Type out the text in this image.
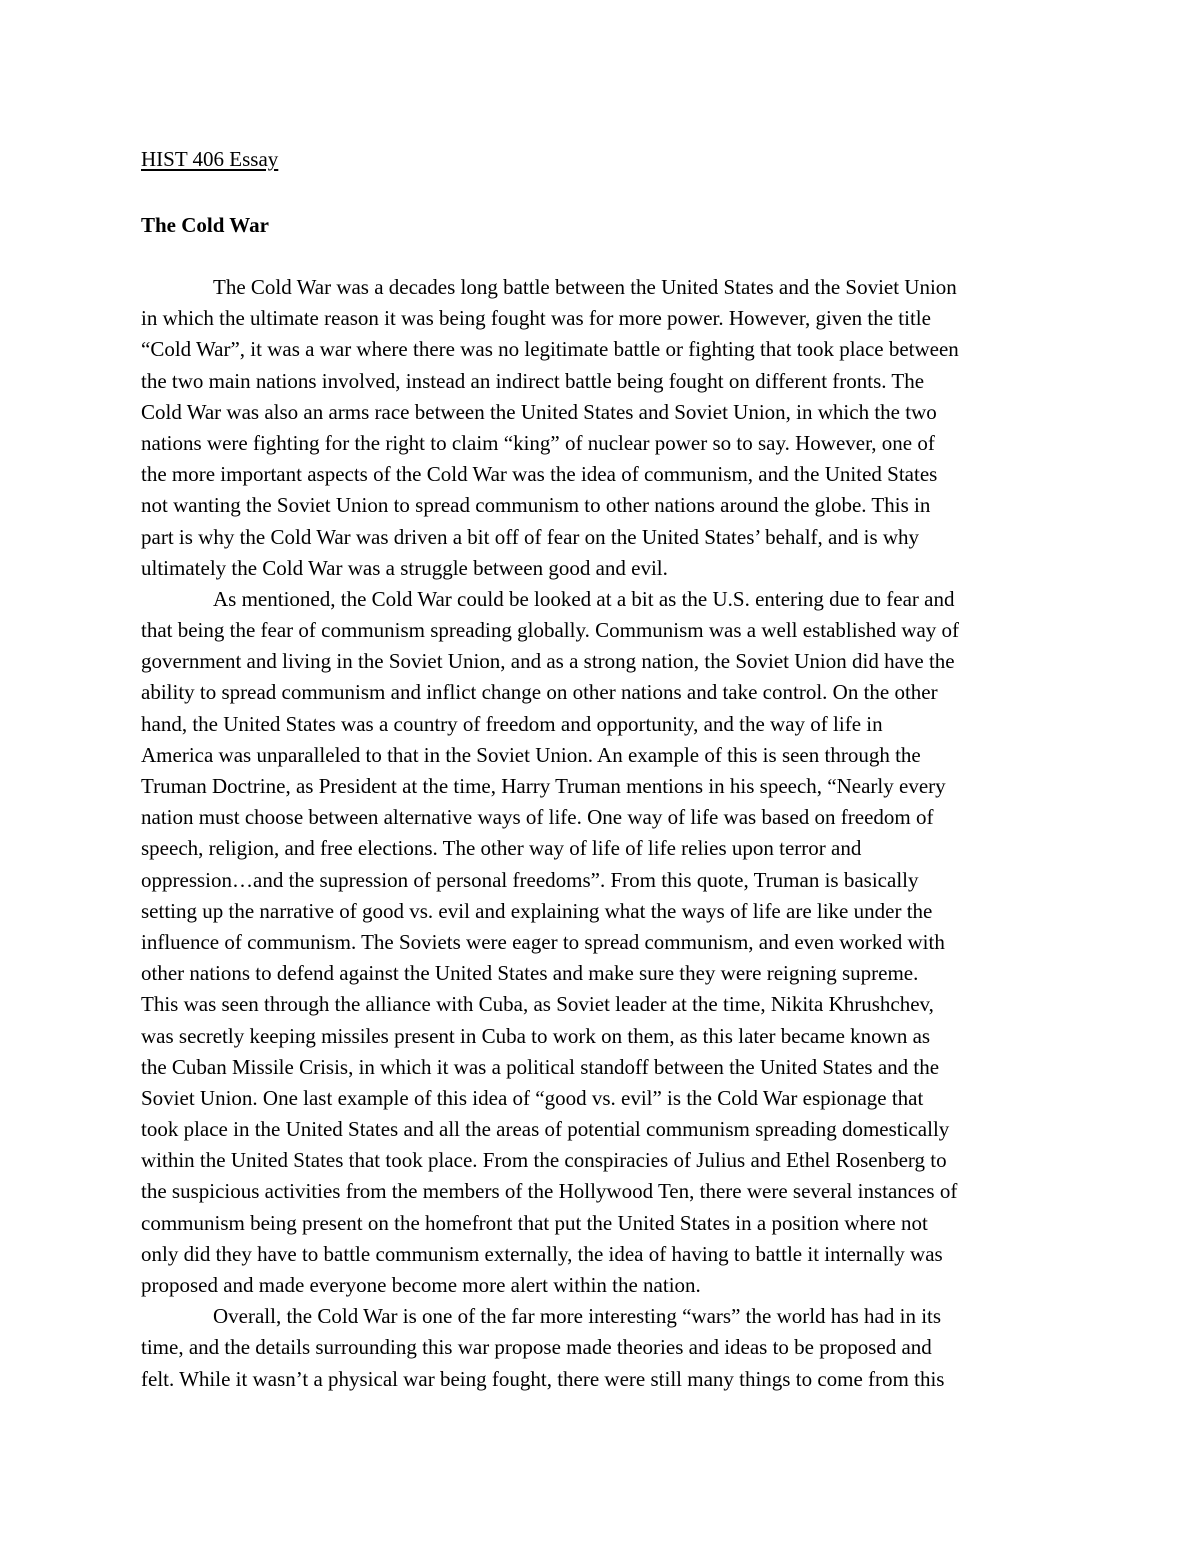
HIST 406 Essay
The Cold War
The Cold War was a decades long battle between the United States and the Soviet Union
in which the ultimate reason it was being fought was for more power. However, given the title
“Cold War”, it was a war where there was no legitimate battle or fighting that took place between
the two main nations involved, instead an indirect battle being fought on different fronts. The
Cold War was also an arms race between the United States and Soviet Union, in which the two
nations were fighting for the right to claim “king” of nuclear power so to say. However, one of
the more important aspects of the Cold War was the idea of communism, and the United States
not wanting the Soviet Union to spread communism to other nations around the globe. This in
part is why the Cold War was driven a bit off of fear on the United States’ behalf, and is why
ultimately the Cold War was a struggle between good and evil.
As mentioned, the Cold War could be looked at a bit as the U.S. entering due to fear and
that being the fear of communism spreading globally. Communism was a well established way of
government and living in the Soviet Union, and as a strong nation, the Soviet Union did have the
ability to spread communism and inflict change on other nations and take control. On the other
hand, the United States was a country of freedom and opportunity, and the way of life in
America was unparalleled to that in the Soviet Union. An example of this is seen through the
Truman Doctrine, as President at the time, Harry Truman mentions in his speech, “Nearly every
nation must choose between alternative ways of life. One way of life was based on freedom of
speech, religion, and free elections. The other way of life of life relies upon terror and
oppression…and the supression of personal freedoms”. From this quote, Truman is basically
setting up the narrative of good vs. evil and explaining what the ways of life are like under the
influence of communism. The Soviets were eager to spread communism, and even worked with
other nations to defend against the United States and make sure they were reigning supreme.
This was seen through the alliance with Cuba, as Soviet leader at the time, Nikita Khrushchev,
was secretly keeping missiles present in Cuba to work on them, as this later became known as
the Cuban Missile Crisis, in which it was a political standoff between the United States and the
Soviet Union. One last example of this idea of “good vs. evil” is the Cold War espionage that
took place in the United States and all the areas of potential communism spreading domestically
within the United States that took place. From the conspiracies of Julius and Ethel Rosenberg to
the suspicious activities from the members of the Hollywood Ten, there were several instances of
communism being present on the homefront that put the United States in a position where not
only did they have to battle communism externally, the idea of having to battle it internally was
proposed and made everyone become more alert within the nation.
Overall, the Cold War is one of the far more interesting “wars” the world has had in its
time, and the details surrounding this war propose made theories and ideas to be proposed and
felt. While it wasn’t a physical war being fought, there were still many things to come from this
